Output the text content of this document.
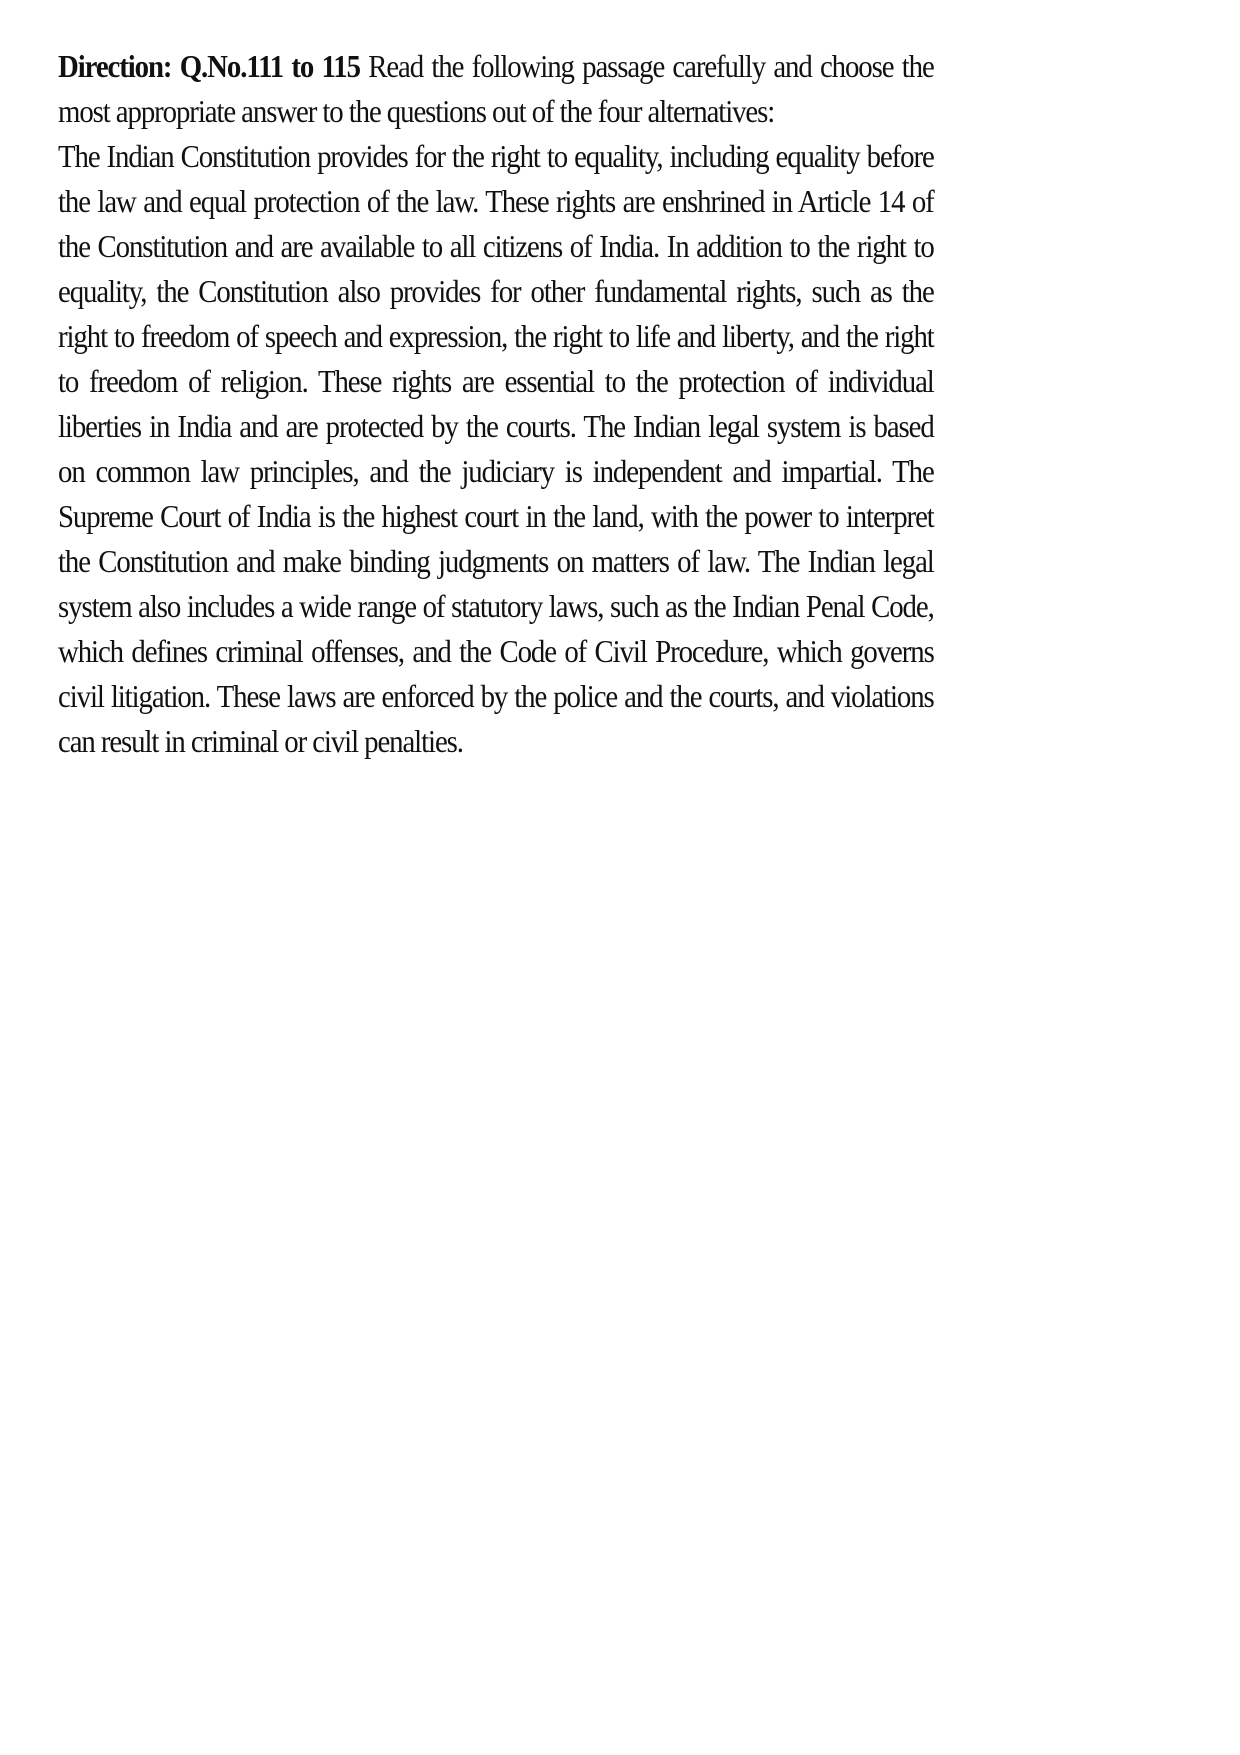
Direction: Q.No.111 to 115 Read the following passage carefully and choose the most appropriate answer to the questions out of the four alternatives:

The Indian Constitution provides for the right to equality, including equality before the law and equal protection of the law. These rights are enshrined in Article 14 of the Constitution and are available to all citizens of India. In addition to the right to equality, the Constitution also provides for other fundamental rights, such as the right to freedom of speech and expression, the right to life and liberty, and the right to freedom of religion. These rights are essential to the protection of individual liberties in India and are protected by the courts. The Indian legal system is based on common law principles, and the judiciary is independent and impartial. The Supreme Court of India is the highest court in the land, with the power to interpret the Constitution and make binding judgments on matters of law. The Indian legal system also includes a wide range of statutory laws, such as the Indian Penal Code, which defines criminal offenses, and the Code of Civil Procedure, which governs civil litigation. These laws are enforced by the police and the courts, and violations can result in criminal or civil penalties.
